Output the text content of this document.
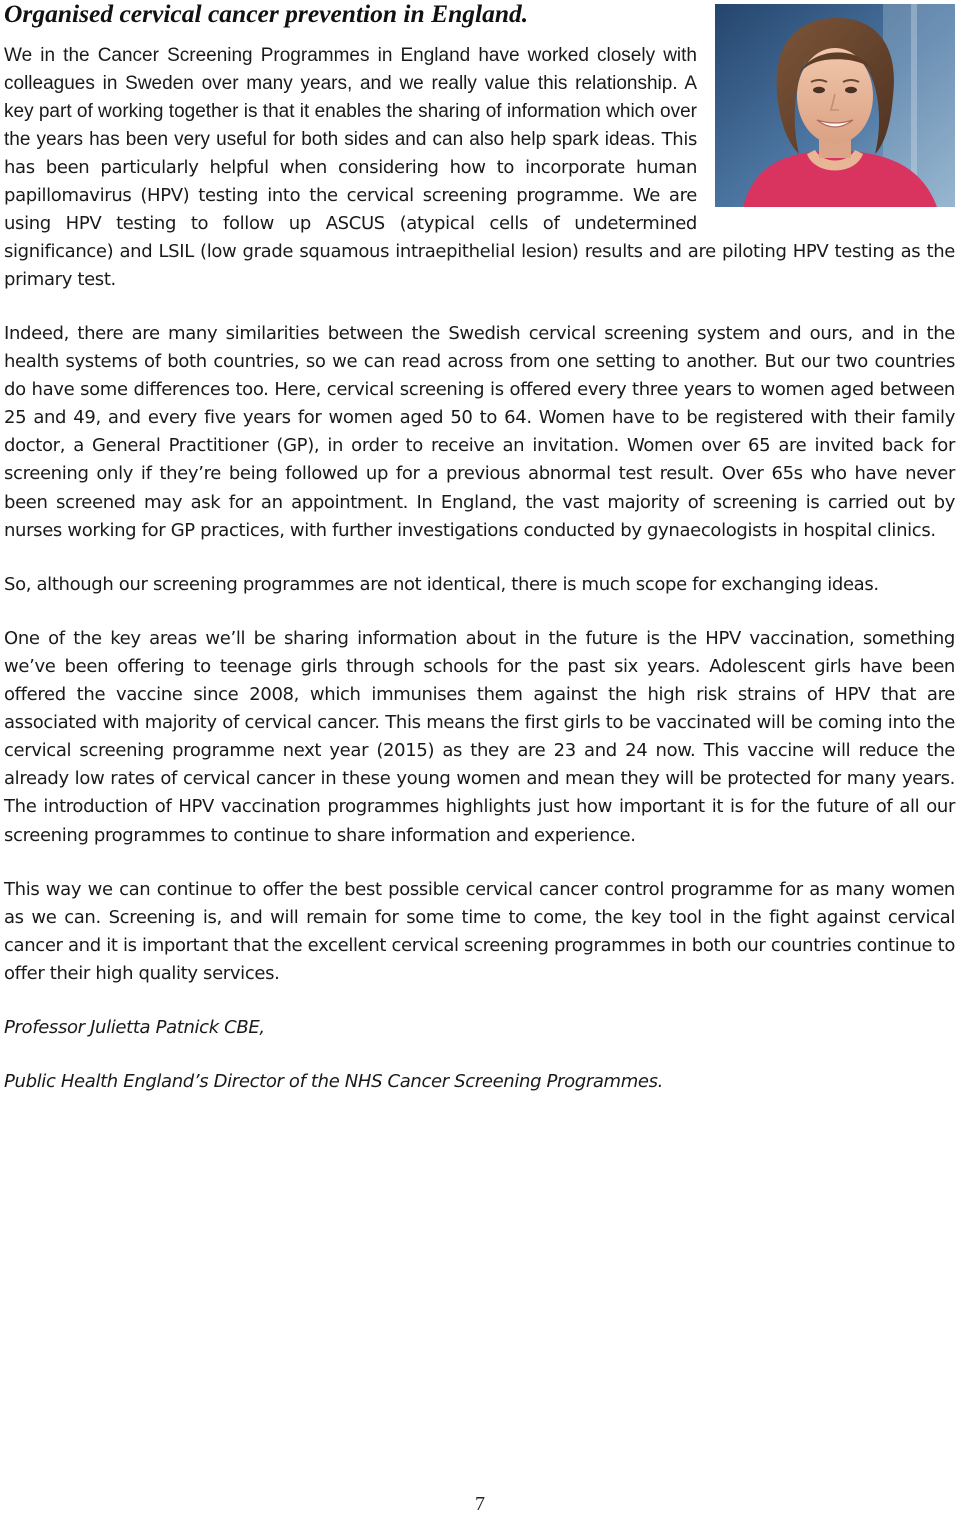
Organised cervical cancer prevention in England.
We in the Cancer Screening Programmes in England have worked closely with colleagues in Sweden over many years, and we really value this relationship. A key part of working together is that it enables the sharing of information which over the years has been very useful for both sides and can also help spark ideas. This has been particularly helpful when considering how to incorporate human papillomavirus (HPV) testing into the cervical screening programme. We are using HPV testing to follow up ASCUS (atypical cells of undetermined significance) and LSIL (low grade squamous intraepithelial lesion) results and are piloting HPV testing as the primary test.

Indeed, there are many similarities between the Swedish cervical screening system and ours, and in the health systems of both countries, so we can read across from one setting to another. But our two countries do have some differences too. Here, cervical screening is offered every three years to women aged between 25 and 49, and every five years for women aged 50 to 64. Women have to be registered with their family doctor, a General Practitioner (GP), in order to receive an invitation. Women over 65 are invited back for screening only if they’re being followed up for a previous abnormal test result. Over 65s who have never been screened may ask for an appointment. In England, the vast majority of screening is carried out by nurses working for GP practices, with further investigations conducted by gynaecologists in hospital clinics.

So, although our screening programmes are not identical, there is much scope for exchanging ideas.

One of the key areas we’ll be sharing information about in the future is the HPV vaccination, something we’ve been offering to teenage girls through schools for the past six years. Adolescent girls have been offered the vaccine since 2008, which immunises them against the high risk strains of HPV that are associated with majority of cervical cancer. This means the first girls to be vaccinated will be coming into the cervical screening programme next year (2015) as they are 23 and 24 now. This vaccine will reduce the already low rates of cervical cancer in these young women and mean they will be protected for many years. The introduction of HPV vaccination programmes highlights just how important it is for the future of all our screening programmes to continue to share information and experience.

This way we can continue to offer the best possible cervical cancer control programme for as many women as we can. Screening is, and will remain for some time to come, the key tool in the fight against cervical cancer and it is important that the excellent cervical screening programmes in both our countries continue to offer their high quality services.

Professor Julietta Patnick CBE,

Public Health England’s Director of the NHS Cancer Screening Programmes.

7
